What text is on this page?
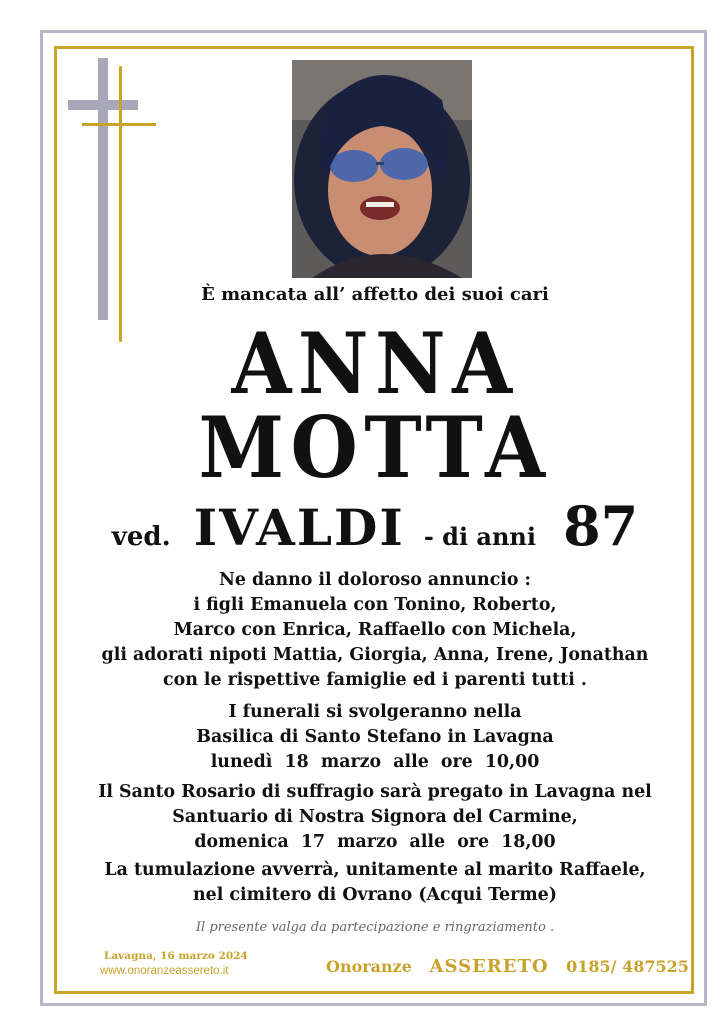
È mancata all’ affetto dei suoi cari
ANNA
MOTTA
ved. IVALDI - di anni 87
Ne danno il doloroso annuncio :
i figli Emanuela con Tonino, Roberto,
Marco con Enrica, Raffaello con Michela,
gli adorati nipoti Mattia, Giorgia, Anna, Irene, Jonathan
con le rispettive famiglie ed i parenti tutti .
I funerali si svolgeranno nella
Basilica di Santo Stefano in Lavagna
lunedì  18  marzo  alle  ore  10,00
Il Santo Rosario di suffragio sarà pregato in Lavagna nel
Santuario di Nostra Signora del Carmine,
domenica  17  marzo  alle  ore  18,00
La tumulazione avverrà, unitamente al marito Raffaele,
nel cimitero di Ovrano (Acqui Terme)
Il presente valga da partecipazione e ringraziamento .
Lavagna, 16 marzo 2024
www.onoranzeassereto.it	Onoranze ASSERETO 0185/ 487525
